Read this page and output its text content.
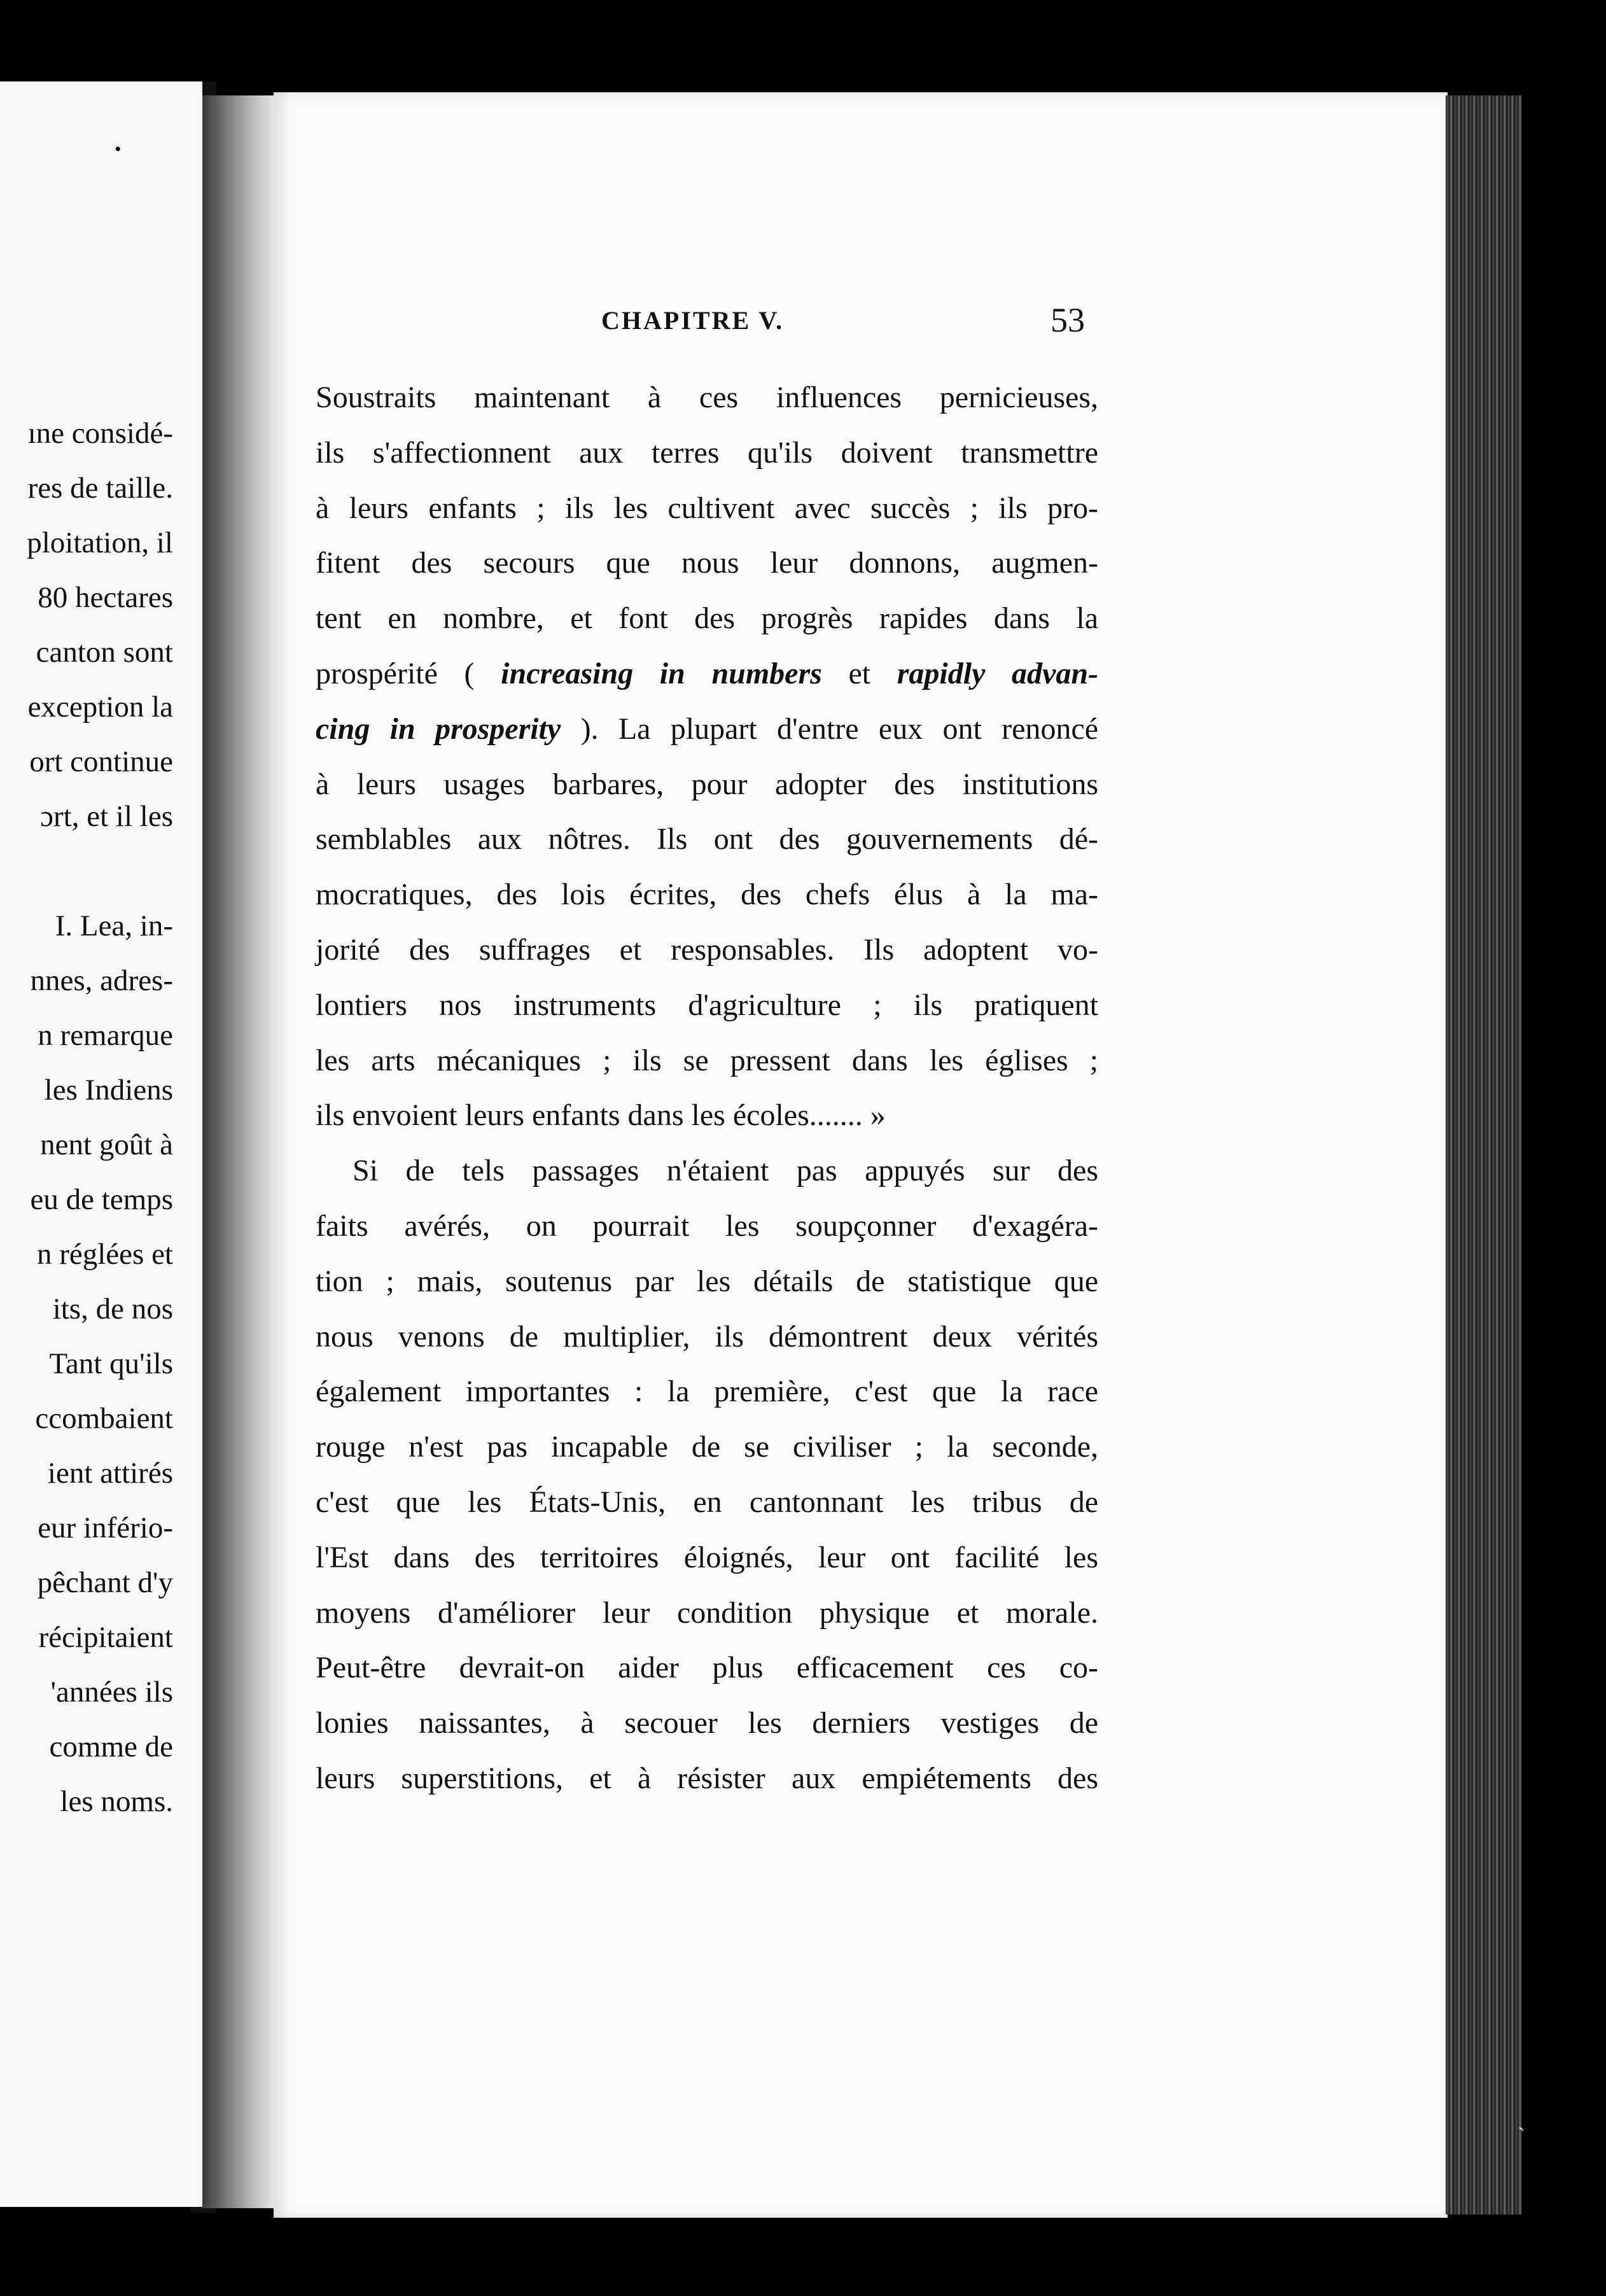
•
ıne considé-
res de taille.
ploitation, il
80 hectares
canton sont
exception la
ort continue
ɔrt, et il les
I. Lea, in-
nnes, adres-
n remarque
les Indiens
nent goût à
eu de temps
n réglées et
its, de nos
Tant qu'ils
ccombaient
ient attirés
eur infério-
pêchant d'y
récipitaient
'années ils
comme de
les noms.
`
CHAPITRE V.	53
Soustraits maintenant à ces influences pernicieuses,
ils s'affectionnent aux terres qu'ils doivent transmettre
à leurs enfants ; ils les cultivent avec succès ; ils pro-
fitent des secours que nous leur donnons, augmen-
tent en nombre, et font des progrès rapides dans la
prospérité ( increasing in numbers et rapidly advan-
cing in prosperity ). La plupart d'entre eux ont renoncé
à leurs usages barbares, pour adopter des institutions
semblables aux nôtres. Ils ont des gouvernements dé-
mocratiques, des lois écrites, des chefs élus à la ma-
jorité des suffrages et responsables. Ils adoptent vo-
lontiers nos instruments d'agriculture ; ils pratiquent
les arts mécaniques ; ils se pressent dans les églises ;
ils envoient leurs enfants dans les écoles....... »
Si de tels passages n'étaient pas appuyés sur des
faits avérés, on pourrait les soupçonner d'exagéra-
tion ; mais, soutenus par les détails de statistique que
nous venons de multiplier, ils démontrent deux vérités
également importantes : la première, c'est que la race
rouge n'est pas incapable de se civiliser ; la seconde,
c'est que les États-Unis, en cantonnant les tribus de
l'Est dans des territoires éloignés, leur ont facilité les
moyens d'améliorer leur condition physique et morale.
Peut-être devrait-on aider plus efficacement ces co-
lonies naissantes, à secouer les derniers vestiges de
leurs superstitions, et à résister aux empiétements des
